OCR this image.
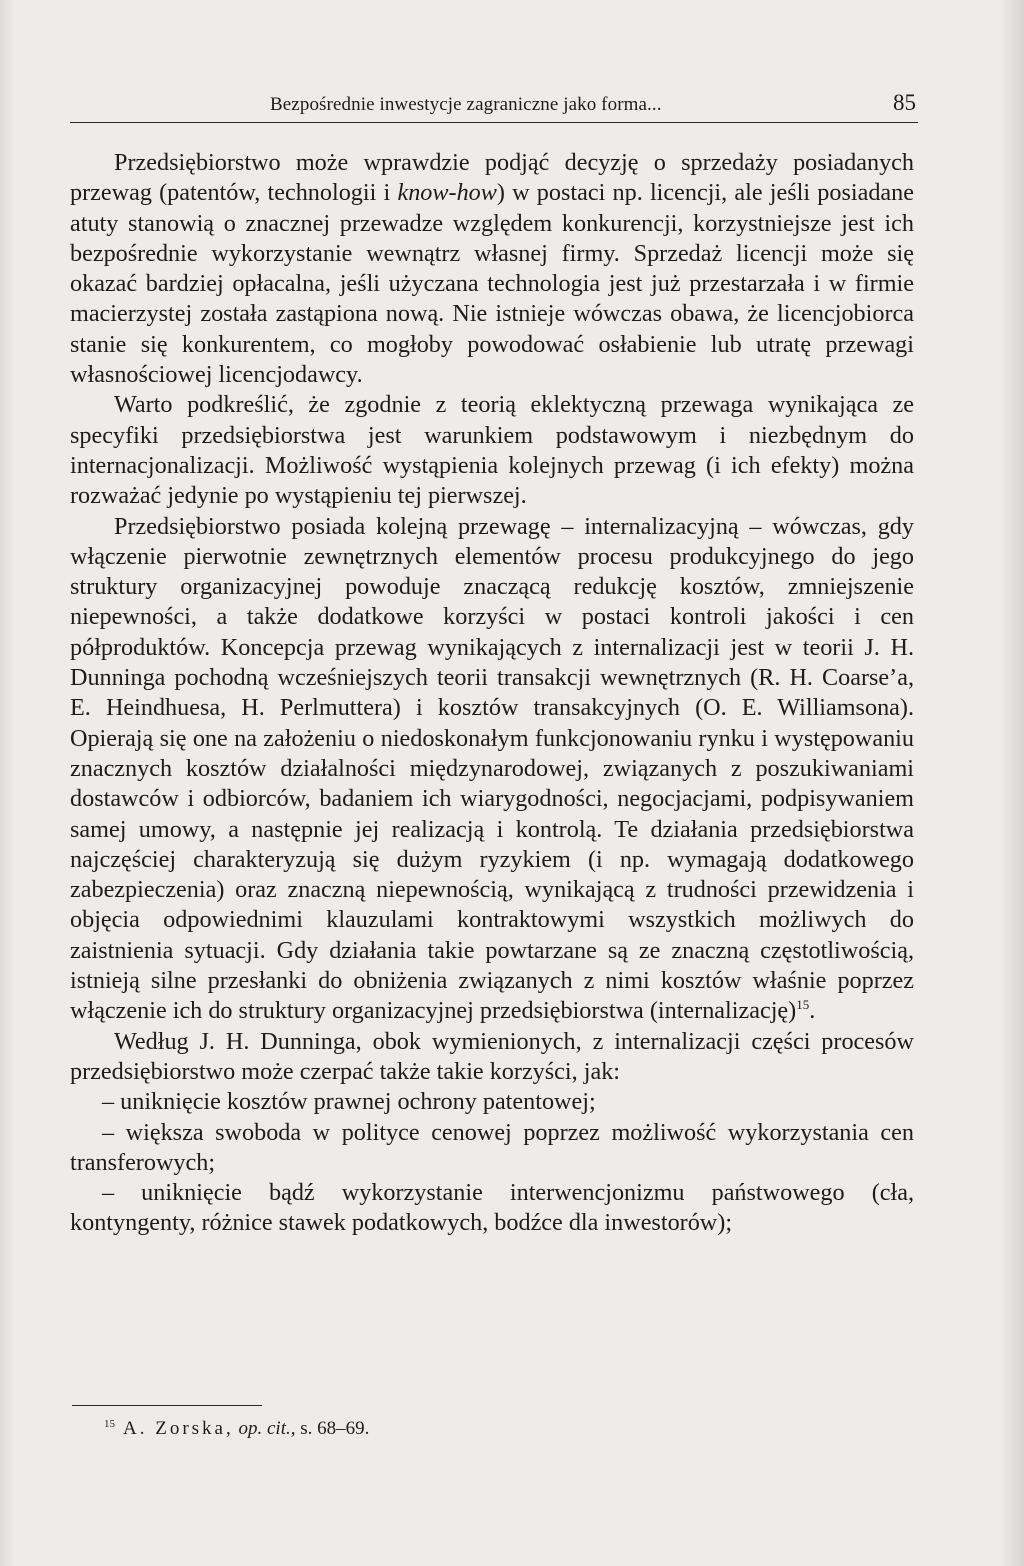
Bezpośrednie inwestycje zagraniczne jako forma...	85

Przedsiębiorstwo może wprawdzie podjąć decyzję o sprzedaży posiadanych przewag (patentów, technologii i know-how) w postaci np. licencji, ale jeśli posiadane atuty stanowią o znacznej przewadze względem konkurencji, korzystniejsze jest ich bezpośrednie wykorzystanie wewnątrz własnej firmy. Sprzedaż licencji może się okazać bardziej opłacalna, jeśli użyczana technologia jest już przestarzała i w firmie macierzystej została zastąpiona nową. Nie istnieje wówczas obawa, że licencjobiorca stanie się konkurentem, co mogłoby powodować osłabienie lub utratę przewagi własnościowej licencjodawcy.

Warto podkreślić, że zgodnie z teorią eklektyczną przewaga wynikająca ze specyfiki przedsiębiorstwa jest warunkiem podstawowym i niezbędnym do internacjonalizacji. Możliwość wystąpienia kolejnych przewag (i ich efekty) można rozważać jedynie po wystąpieniu tej pierwszej.

Przedsiębiorstwo posiada kolejną przewagę – internalizacyjną – wówczas, gdy włączenie pierwotnie zewnętrznych elementów procesu produkcyjnego do jego struktury organizacyjnej powoduje znaczącą redukcję kosztów, zmniejszenie niepewności, a także dodatkowe korzyści w postaci kontroli jakości i cen półproduktów. Koncepcja przewag wynikających z internalizacji jest w teorii J. H. Dunninga pochodną wcześniejszych teorii transakcji wewnętrznych (R. H. Coarse’a, E. Heindhuesa, H. Perlmuttera) i kosztów transakcyjnych (O. E. Williamsona). Opierają się one na założeniu o niedoskonałym funkcjonowaniu rynku i występowaniu znacznych kosztów działalności międzynarodowej, związanych z poszukiwaniami dostawców i odbiorców, badaniem ich wiarygodności, negocjacjami, podpisywaniem samej umowy, a następnie jej realizacją i kontrolą. Te działania przedsiębiorstwa najczęściej charakteryzują się dużym ryzykiem (i np. wymagają dodatkowego zabezpieczenia) oraz znaczną niepewnością, wynikającą z trudności przewidzenia i objęcia odpowiednimi klauzulami kontraktowymi wszystkich możliwych do zaistnienia sytuacji. Gdy działania takie powtarzane są ze znaczną częstotliwością, istnieją silne przesłanki do obniżenia związanych z nimi kosztów właśnie poprzez włączenie ich do struktury organizacyjnej przedsiębiorstwa (internalizację)$^{15}$.

Według J. H. Dunninga, obok wymienionych, z internalizacji części procesów przedsiębiorstwo może czerpać także takie korzyści, jak:

– uniknięcie kosztów prawnej ochrony patentowej;

– większa swoboda w polityce cenowej poprzez możliwość wykorzystania cen transferowych;

– uniknięcie bądź wykorzystanie interwencjonizmu państwowego (cła, kontyngenty, różnice stawek podatkowych, bodźce dla inwestorów);

$^{15}$ A. Zorska, op. cit., s. 68–69.
